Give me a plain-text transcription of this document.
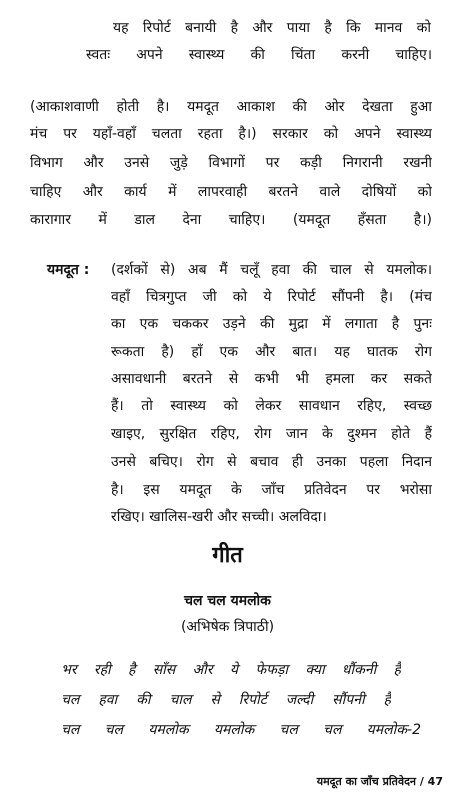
यह रिपोर्ट बनायी है और पाया है कि मानव को
स्वतः अपने स्वास्थ्य की चिंता करनी चाहिए।
(आकाशवाणी होती है। यमदूत आकाश की ओर देखता हुआ
मंच पर यहाँ-वहाँ चलता रहता है।) सरकार को अपने स्वास्थ्य
विभाग और उनसे जुड़े विभागों पर कड़ी निगरानी रखनी
चाहिए और कार्य में लापरवाही बरतने वाले दोषियों को
कारागार में डाल देना चाहिए। (यमदूत हँसता है।)
यमदूत : (दर्शकों से) अब मैं चलूँ हवा की चाल से यमलोक।
वहाँ चित्रगुप्त जी को ये रिपोर्ट सौंपनी है। (मंच
का एक चककर उड़ने की मुद्रा में लगाता है पुनः
रूकता है) हाँ एक और बात। यह घातक रोग
असावधानी बरतने से कभी भी हमला कर सकते
हैं। तो स्वास्थ्य को लेकर सावधान रहिए, स्वच्छ
खाइए, सुरक्षित रहिए, रोग जान के दुश्मन होते हैं
उनसे बचिए। रोग से बचाव ही उनका पहला निदान
है। इस यमदूत के जाँच प्रतिवेदन पर भरोसा
रखिए। खालिस-खरी और सच्ची। अलविदा।
गीत
चल चल यमलोक
(अभिषेक त्रिपाठी)
भर रही है साँस और ये फेफड़ा क्या धौंकनी है
चल हवा की चाल से रिपोर्ट जल्दी सौंपनी है
चल चल यमलोक यमलोक चल चल यमलोक-2
यमदूत का जाँच प्रतिवेदन / 47
